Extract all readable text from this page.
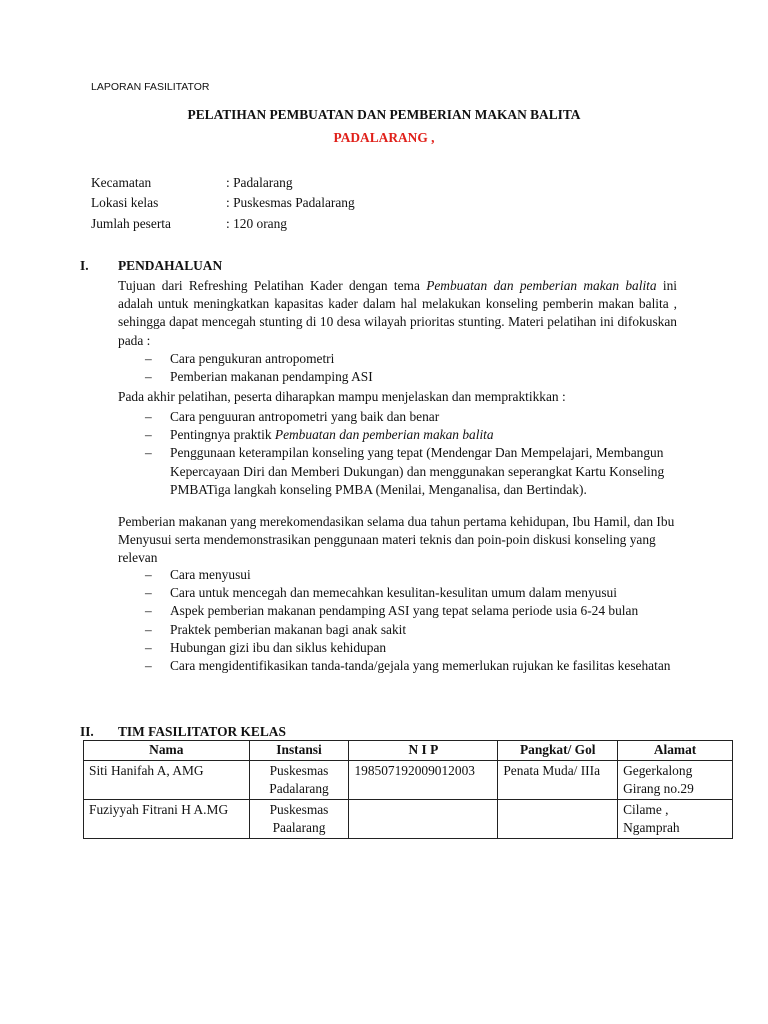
LAPORAN FASILITATOR
PELATIHAN PEMBUATAN DAN PEMBERIAN MAKAN BALITA
PADALARANG ,
Kecamatan	: Padalarang
Lokasi kelas	: Puskesmas Padalarang
Jumlah peserta	: 120 orang
I. PENDAHALUAN
Tujuan dari Refreshing Pelatihan Kader dengan tema Pembuatan dan pemberian makan balita ini adalah untuk meningkatkan kapasitas kader dalam hal melakukan konseling pemberin makan balita , sehingga dapat mencegah stunting di 10 desa wilayah prioritas stunting. Materi pelatihan ini difokuskan pada :
– Cara pengukuran antropometri
– Pemberian makanan pendamping ASI
Pada akhir pelatihan, peserta diharapkan mampu menjelaskan dan mempraktikkan :
– Cara penguuran antropometri yang baik dan benar
– Pentingnya praktik Pembuatan dan pemberian makan balita
– Penggunaan keterampilan konseling yang tepat (Mendengar Dan Mempelajari, Membangun Kepercayaan Diri dan Memberi Dukungan) dan menggunakan seperangkat Kartu Konseling PMBATiga langkah konseling PMBA (Menilai, Menganalisa, dan Bertindak).
Pemberian makanan yang merekomendasikan selama dua tahun pertama kehidupan, Ibu Hamil, dan Ibu Menyusui serta mendemonstrasikan penggunaan materi teknis dan poin-poin diskusi konseling yang relevan
– Cara menyusui
– Cara untuk mencegah dan memecahkan kesulitan-kesulitan umum dalam menyusui
– Aspek pemberian makanan pendamping ASI yang tepat selama periode usia 6-24 bulan
– Praktek pemberian makanan bagi anak sakit
– Hubungan gizi ibu dan siklus kehidupan
– Cara mengidentifikasikan tanda-tanda/gejala yang memerlukan rujukan ke fasilitas kesehatan
II. TIM FASILITATOR KELAS
Nama	Instansi	N I P	Pangkat/ Gol	Alamat
Siti Hanifah A, AMG	Puskesmas Padalarang	198507192009012003	Penata Muda/ IIIa	Gegerkalong Girang no.29
Fuziyyah Fitrani H A.MG	Puskesmas Paalarang			Cilame , Ngamprah
